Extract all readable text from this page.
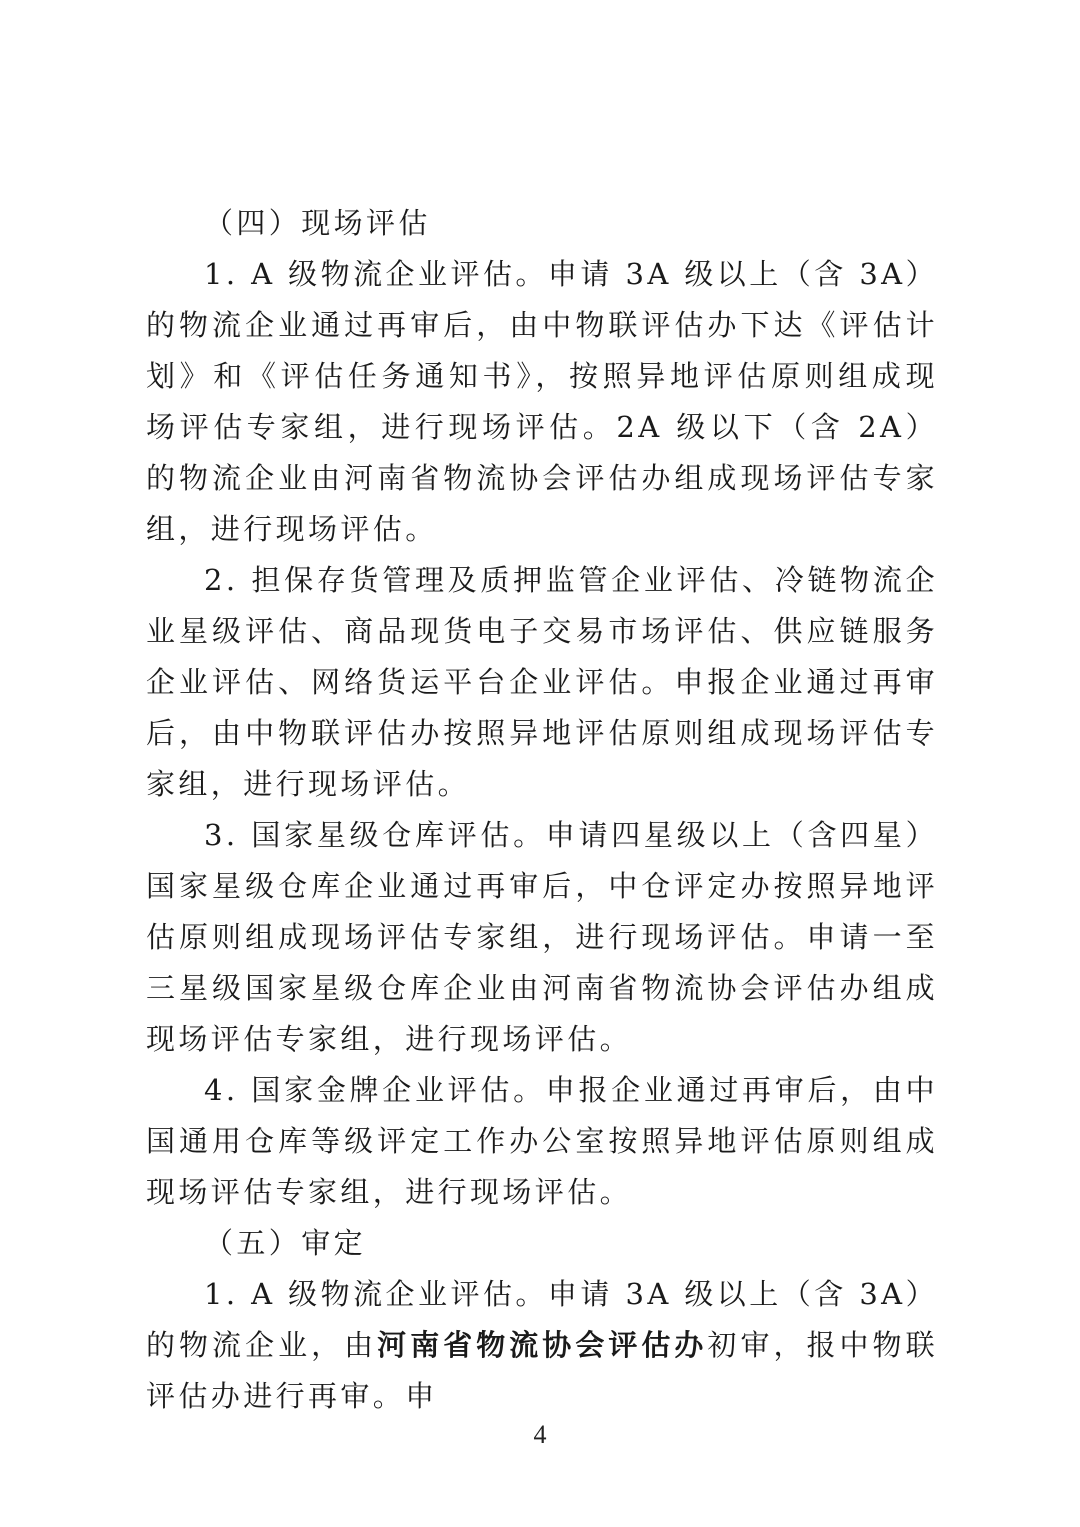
（四）现场评估

1. A 级物流企业评估。申请 3A 级以上（含 3A）的物流企业通过再审后，由中物联评估办下达《评估计划》和《评估任务通知书》，按照异地评估原则组成现场评估专家组，进行现场评估。2A 级以下（含 2A）的物流企业由河南省物流协会评估办组成现场评估专家组，进行现场评估。

2. 担保存货管理及质押监管企业评估、冷链物流企业星级评估、商品现货电子交易市场评估、供应链服务企业评估、网络货运平台企业评估。申报企业通过再审后，由中物联评估办按照异地评估原则组成现场评估专家组，进行现场评估。

3. 国家星级仓库评估。申请四星级以上（含四星）国家星级仓库企业通过再审后，中仓评定办按照异地评估原则组成现场评估专家组，进行现场评估。申请一至三星级国家星级仓库企业由河南省物流协会评估办组成现场评估专家组，进行现场评估。

4. 国家金牌企业评估。申报企业通过再审后，由中国通用仓库等级评定工作办公室按照异地评估原则组成现场评估专家组，进行现场评估。

（五）审定

1. A 级物流企业评估。申请 3A 级以上（含 3A）的物流企业，由河南省物流协会评估办初审，报中物联评估办进行再审。申

4
